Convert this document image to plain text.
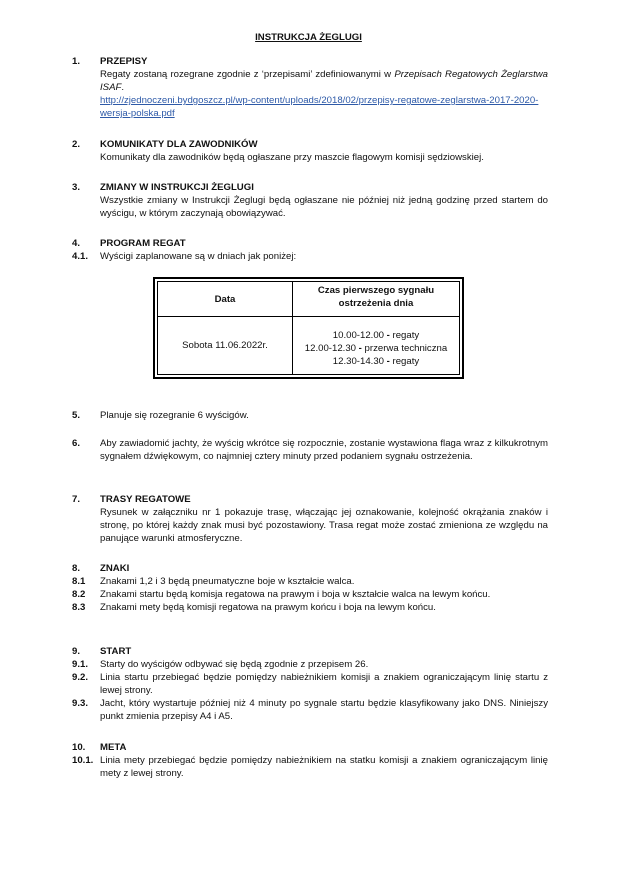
INSTRUKCJA ŻEGLUGI
1. PRZEPISY
Regaty zostaną rozegrane zgodnie z ‘przepisami’ zdefiniowanymi w Przepisach Regatowych Żeglarstwa ISAF.
http://zjednoczeni.bydgoszcz.pl/wp-content/uploads/2018/02/przepisy-regatowe-zeglarstwa-2017-2020-wersja-polska.pdf
2. KOMUNIKATY DLA ZAWODNIKÓW
Komunikaty dla zawodników będą ogłaszane przy maszcie flagowym komisji sędziowskiej.
3. ZMIANY W INSTRUKCJI ŻEGLUGI
Wszystkie zmiany w Instrukcji Żeglugi będą ogłaszane nie później niż jedną godzinę przed startem do wyścigu, w którym zaczynają obowiązywać.
4. PROGRAM REGAT
4.1. Wyścigi zaplanowane są w dniach jak poniżej:
Data
Czas pierwszego sygnału ostrzeżenia dnia
Sobota 11.06.2022r.
10.00-12.00 - regaty
12.00-12.30 - przerwa techniczna
12.30-14.30 - regaty
5. Planuje się rozegranie 6 wyścigów.
6. Aby zawiadomić jachty, że wyścig wkrótce się rozpocznie, zostanie wystawiona flaga wraz z kilkukrotnym sygnałem dźwiękowym, co najmniej cztery minuty przed podaniem sygnału ostrzeżenia.
7. TRASY REGATOWE
Rysunek w załączniku nr 1 pokazuje trasę, włączając jej oznakowanie, kolejność okrążania znaków i stronę, po której każdy znak musi być pozostawiony. Trasa regat może zostać zmieniona ze względu na panujące warunki atmosferyczne.
8. ZNAKI
8.1 Znakami 1,2 i 3 będą pneumatyczne boje w kształcie walca.
8.2 Znakami startu będą komisja regatowa na prawym i boja w kształcie walca na lewym końcu.
8.3 Znakami mety będą komisji regatowa na prawym końcu i boja na lewym końcu.
9. START
9.1. Starty do wyścigów odbywać się będą zgodnie z przepisem 26.
9.2. Linia startu przebiegać będzie pomiędzy nabieżnikiem komisji a znakiem ograniczającym linię startu z lewej strony.
9.3. Jacht, który wystartuje później niż 4 minuty po sygnale startu będzie klasyfikowany jako DNS. Niniejszy punkt zmienia przepisy A4 i A5.
10. META
10.1. Linia mety przebiegać będzie pomiędzy nabieżnikiem na statku komisji a znakiem ograniczającym linię mety z lewej strony.
